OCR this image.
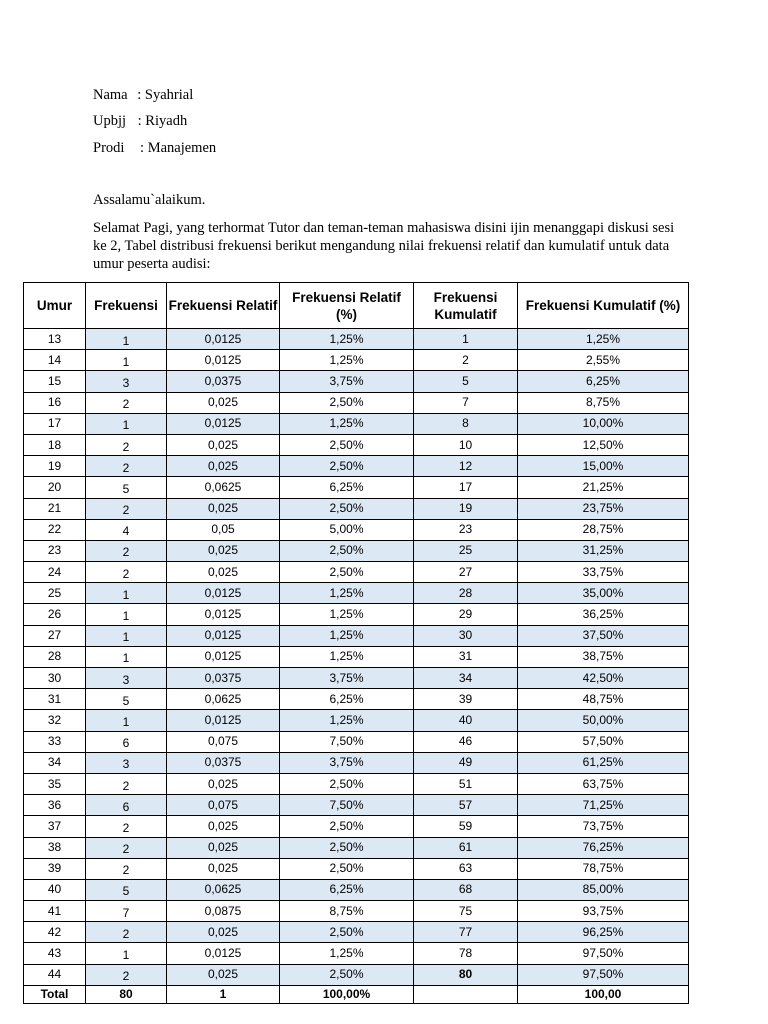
Nama : Syahrial
Upbjj : Riyadh
Prodi : Manajemen
Assalamu`alaikum.
Selamat Pagi, yang terhormat Tutor dan teman-teman mahasiswa disini ijin menanggapi diskusi sesi ke 2, Tabel distribusi frekuensi berikut mengandung nilai frekuensi relatif dan kumulatif untuk data umur peserta audisi:
Umur	Frekuensi	Frekuensi Relatif	Frekuensi Relatif (%)	Frekuensi Kumulatif	Frekuensi Kumulatif (%)
13	1	0,0125	1,25%	1	1,25%
14	1	0,0125	1,25%	2	2,55%
15	3	0,0375	3,75%	5	6,25%
16	2	0,025	2,50%	7	8,75%
17	1	0,0125	1,25%	8	10,00%
18	2	0,025	2,50%	10	12,50%
19	2	0,025	2,50%	12	15,00%
20	5	0,0625	6,25%	17	21,25%
21	2	0,025	2,50%	19	23,75%
22	4	0,05	5,00%	23	28,75%
23	2	0,025	2,50%	25	31,25%
24	2	0,025	2,50%	27	33,75%
25	1	0,0125	1,25%	28	35,00%
26	1	0,0125	1,25%	29	36,25%
27	1	0,0125	1,25%	30	37,50%
28	1	0,0125	1,25%	31	38,75%
30	3	0,0375	3,75%	34	42,50%
31	5	0,0625	6,25%	39	48,75%
32	1	0,0125	1,25%	40	50,00%
33	6	0,075	7,50%	46	57,50%
34	3	0,0375	3,75%	49	61,25%
35	2	0,025	2,50%	51	63,75%
36	6	0,075	7,50%	57	71,25%
37	2	0,025	2,50%	59	73,75%
38	2	0,025	2,50%	61	76,25%
39	2	0,025	2,50%	63	78,75%
40	5	0,0625	6,25%	68	85,00%
41	7	0,0875	8,75%	75	93,75%
42	2	0,025	2,50%	77	96,25%
43	1	0,0125	1,25%	78	97,50%
44	2	0,025	2,50%	80	97,50%
Total	80	1	100,00%		100,00
